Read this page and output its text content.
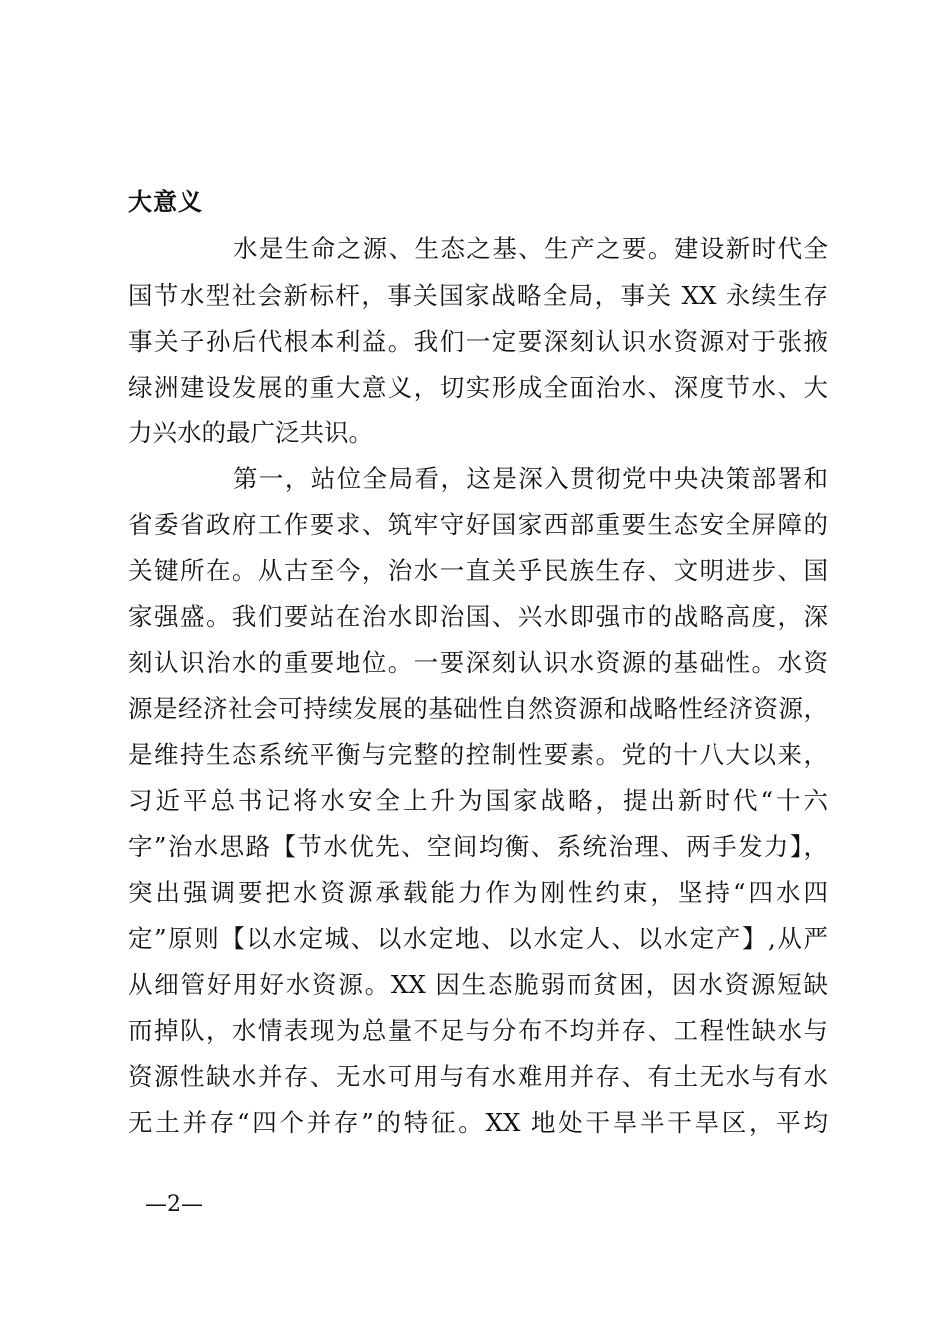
大意义
水是生命之源、生态之基、生产之要。建设新时代全
国节水型社会新标杆，事关国家战略全局，事关 XX 永续生存
事关子孙后代根本利益。我们一定要深刻认识水资源对于张掖
绿洲建设发展的重大意义，切实形成全面治水、深度节水、大
力兴水的最广泛共识。
第一，站位全局看，这是深入贯彻党中央决策部署和
省委省政府工作要求、筑牢守好国家西部重要生态安全屏障的
关键所在。从古至今，治水一直关乎民族生存、文明进步、国
家强盛。我们要站在治水即治国、兴水即强市的战略高度，深
刻认识治水的重要地位。一要深刻认识水资源的基础性。水资
源是经济社会可持续发展的基础性自然资源和战略性经济资源，
是维持生态系统平衡与完整的控制性要素。党的十八大以来，
习近平总书记将水安全上升为国家战略，提出新时代“十六
字”治水思路【节水优先、空间均衡、系统治理、两手发力】，
突出强调要把水资源承载能力作为刚性约束，坚持“四水四
定”原则【以水定城、以水定地、以水定人、以水定产】,从严
从细管好用好水资源。XX 因生态脆弱而贫困，因水资源短缺
而掉队，水情表现为总量不足与分布不均并存、工程性缺水与
资源性缺水并存、无水可用与有水难用并存、有土无水与有水
无土并存“四个并存”的特征。XX 地处干旱半干旱区，平均
—2—
